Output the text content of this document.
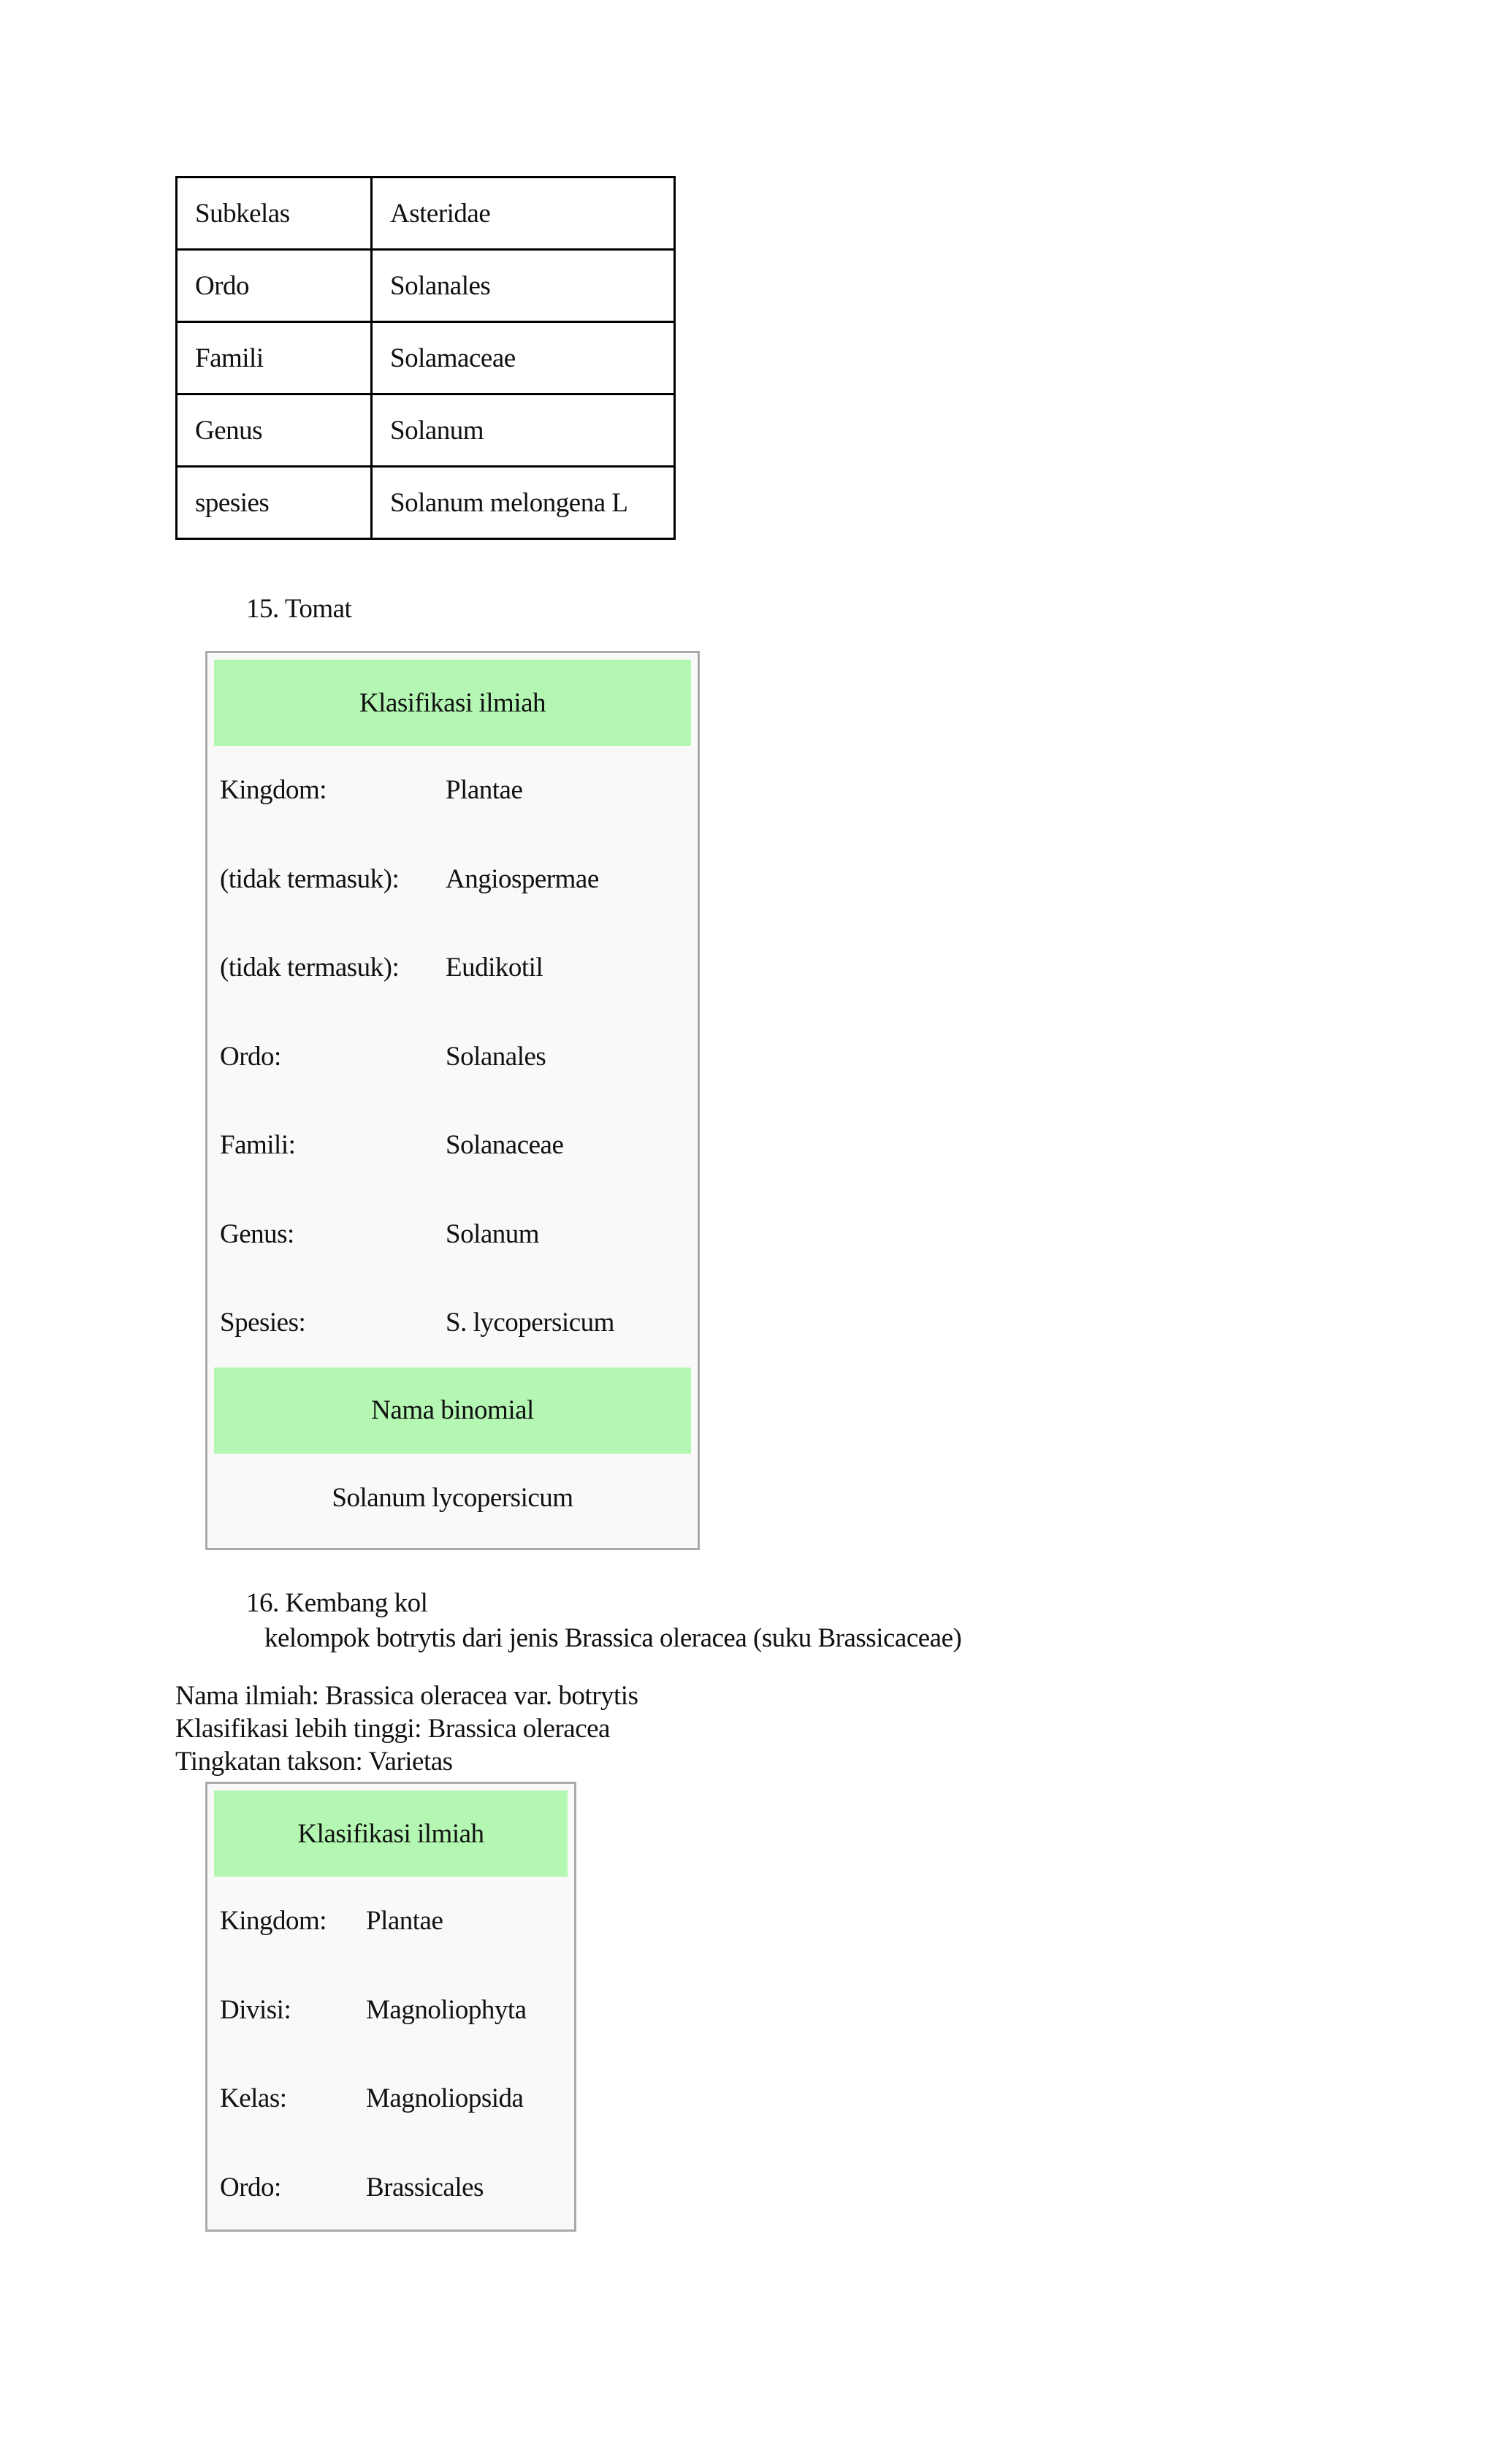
Subkelas	Asteridae
Ordo	Solanales
Famili	Solamaceae
Genus	Solanum
spesies	Solanum melongena L
15. Tomat
Klasifikasi ilmiah
Kingdom:	Plantae
(tidak termasuk):	Angiospermae
(tidak termasuk):	Eudikotil
Ordo:	Solanales
Famili:	Solanaceae
Genus:	Solanum
Spesies:	S. lycopersicum
Nama binomial
Solanum lycopersicum
16. Kembang kol
kelompok botrytis dari jenis Brassica oleracea (suku Brassicaceae)
Nama ilmiah: Brassica oleracea var. botrytis
Klasifikasi lebih tinggi: Brassica oleracea
Tingkatan takson: Varietas
Klasifikasi ilmiah
Kingdom:	Plantae
Divisi:	Magnoliophyta
Kelas:	Magnoliopsida
Ordo:	Brassicales
